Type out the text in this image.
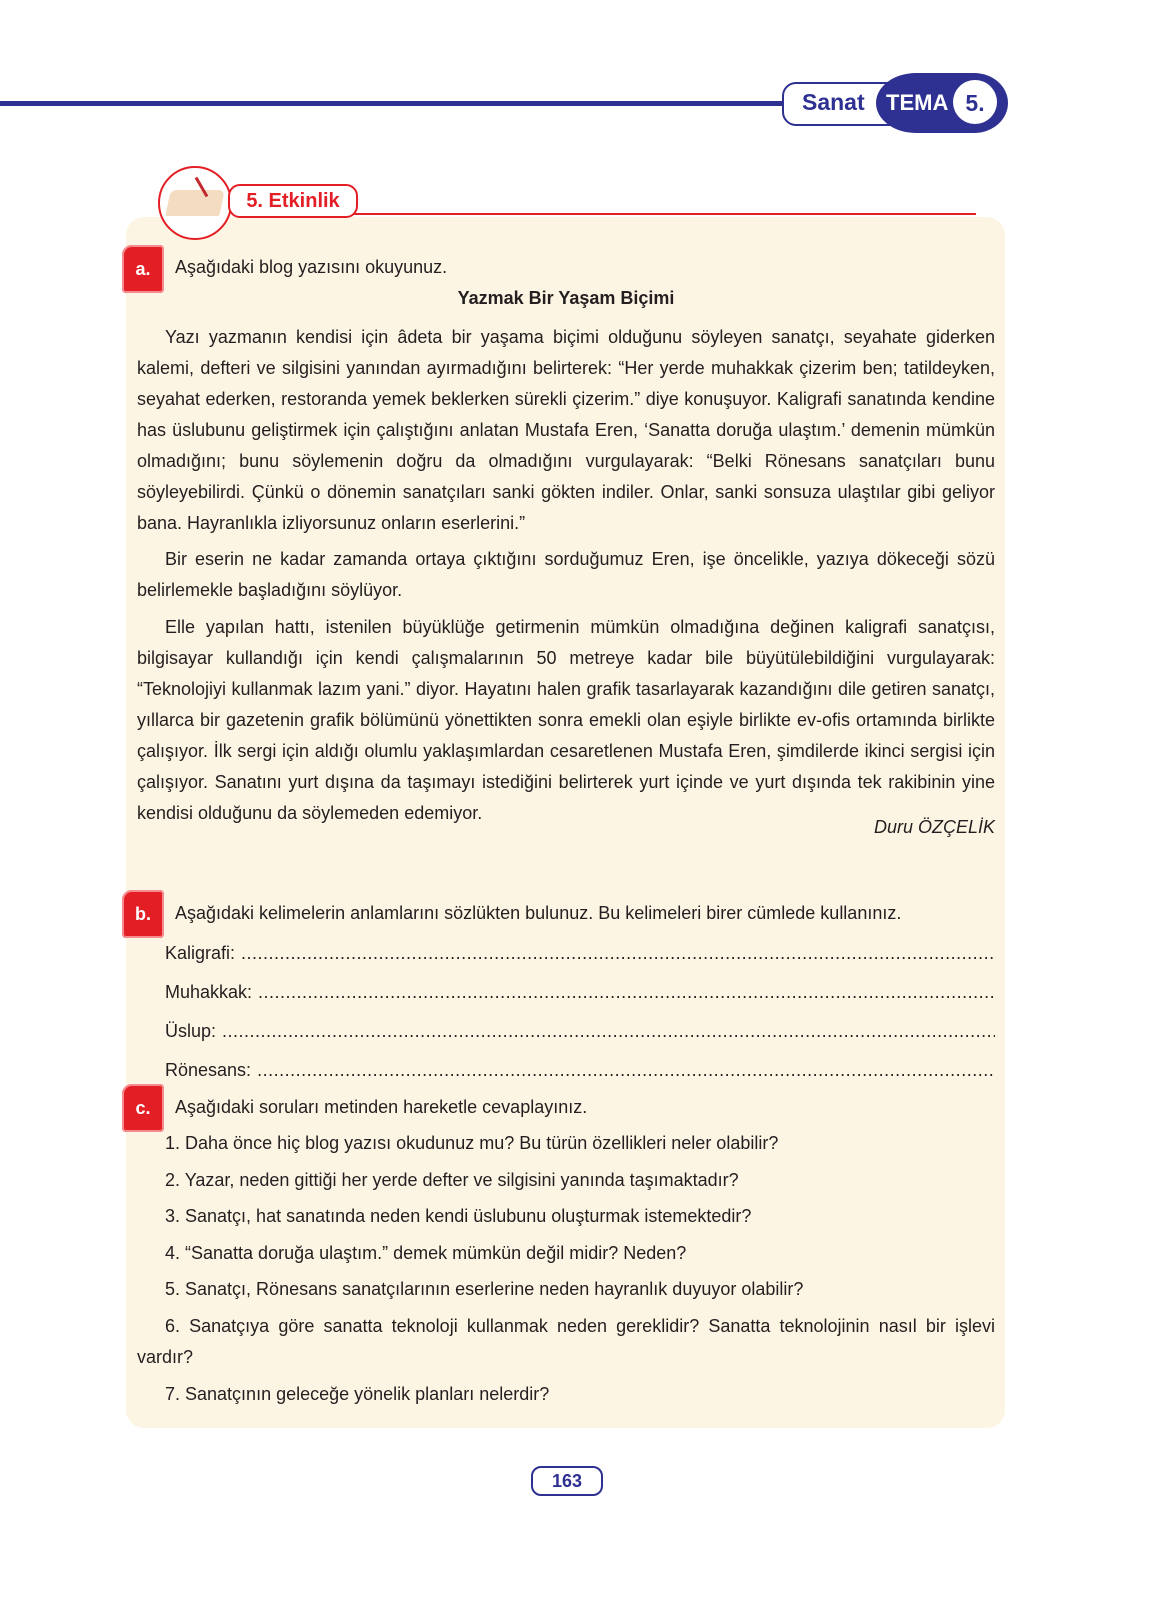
Sanat TEMA 5.
5. Etkinlik
a.	Aşağıdaki blog yazısını okuyunuz.
Yazmak Bir Yaşam Biçimi

Yazı yazmanın kendisi için âdeta bir yaşama biçimi olduğunu söyleyen sanatçı, seyahate giderken kalemi, defteri ve silgisini yanından ayırmadığını belirterek: “Her yerde muhakkak çizerim ben; tatildeyken, seyahat ederken, restoranda yemek beklerken sürekli çizerim.” diye konuşuyor. Kaligrafi sanatında kendine has üslubunu geliştirmek için çalıştığını anlatan Mustafa Eren, ‘Sanatta doruğa ulaştım.’ demenin mümkün olmadığını; bunu söylemenin doğru da olmadığını vurgulayarak: “Belki Rönesans sanatçıları bunu söyleyebilirdi. Çünkü o dönemin sanatçıları sanki gökten indiler. Onlar, sanki sonsuza ulaştılar gibi geliyor bana. Hayranlıkla izliyorsunuz onların eserlerini.”

Bir eserin ne kadar zamanda ortaya çıktığını sorduğumuz Eren, işe öncelikle, yazıya dökeceği sözü belirlemekle başladığını söylüyor.

Elle yapılan hattı, istenilen büyüklüğe getirmenin mümkün olmadığına değinen kaligrafi sanatçısı, bilgisayar kullandığı için kendi çalışmalarının 50 metreye kadar bile büyütülebildiğini vurgulayarak: “Teknolojiyi kullanmak lazım yani.” diyor. Hayatını halen grafik tasarlayarak kazandığını dile getiren sanatçı, yıllarca bir gazetenin grafik bölümünü yönettikten sonra emekli olan eşiyle birlikte ev-ofis ortamında birlikte çalışıyor. İlk sergi için aldığı olumlu yaklaşımlardan cesaretlenen Mustafa Eren, şimdilerde ikinci sergisi için çalışıyor. Sanatını yurt dışına da taşımayı istediğini belirterek yurt içinde ve yurt dışında tek rakibinin yine kendisi olduğunu da söylemeden edemiyor.

Duru ÖZÇELİK
b.	Aşağıdaki kelimelerin anlamlarını sözlükten bulunuz. Bu kelimeleri birer cümlede kullanınız.
Kaligrafi:
.....
Muhakkak:
.....
Üslup:
.....
Rönesans:
.....
c.	Aşağıdaki soruları metinden hareketle cevaplayınız.
1. Daha önce hiç blog yazısı okudunuz mu? Bu türün özellikleri neler olabilir?
2. Yazar, neden gittiği her yerde defter ve silgisini yanında taşımaktadır?
3. Sanatçı, hat sanatında neden kendi üslubunu oluşturmak istemektedir?
4. “Sanatta doruğa ulaştım.” demek mümkün değil midir? Neden?
5. Sanatçı, Rönesans sanatçılarının eserlerine neden hayranlık duyuyor olabilir?

6. Sanatçıya göre sanatta teknoloji kullanmak neden gereklidir? Sanatta teknolojinin nasıl bir işlevi vardır?

7. Sanatçının geleceğe yönelik planları nelerdir?
163
